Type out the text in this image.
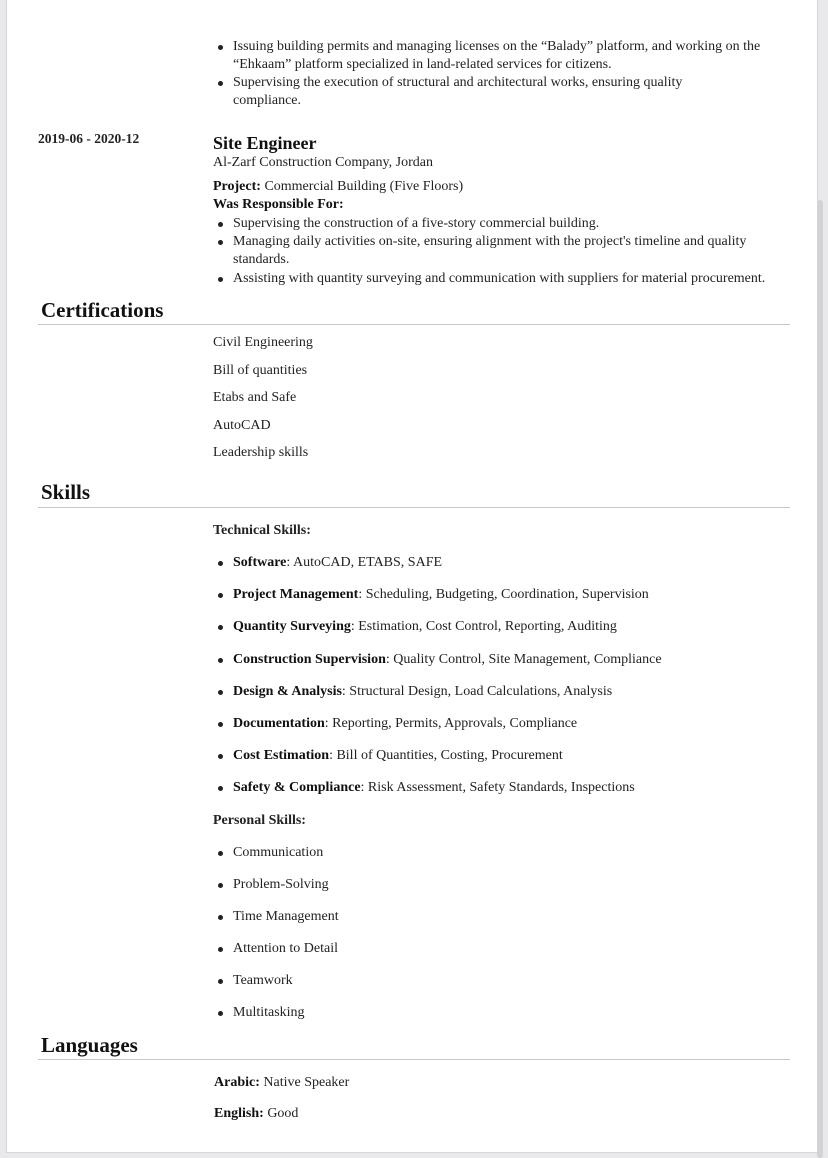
Issuing building permits and managing licenses on the “Balady” platform, and working on the “Ehkaam” platform specialized in land-related services for citizens.
Supervising the execution of structural and architectural works, ensuring quality compliance.
Site Engineer
Al-Zarf Construction Company, Jordan
Project: Commercial Building (Five Floors)
Was Responsible For:
Supervising the construction of a five-story commercial building.
Managing daily activities on-site, ensuring alignment with the project's timeline and quality standards.
Assisting with quantity surveying and communication with suppliers for material procurement.
2019-06 - 2020-12
Certifications
Civil Engineering
Bill of quantities
Etabs and Safe
AutoCAD
Leadership skills
Skills
Technical Skills:
Software: AutoCAD, ETABS, SAFE
Project Management: Scheduling, Budgeting, Coordination, Supervision
Quantity Surveying: Estimation, Cost Control, Reporting, Auditing
Construction Supervision: Quality Control, Site Management, Compliance
Design & Analysis: Structural Design, Load Calculations, Analysis
Documentation: Reporting, Permits, Approvals, Compliance
Cost Estimation: Bill of Quantities, Costing, Procurement
Safety & Compliance: Risk Assessment, Safety Standards, Inspections
Personal Skills:
Communication
Problem-Solving
Time Management
Attention to Detail
Teamwork
Multitasking
Languages
Arabic: Native Speaker
English: Good
